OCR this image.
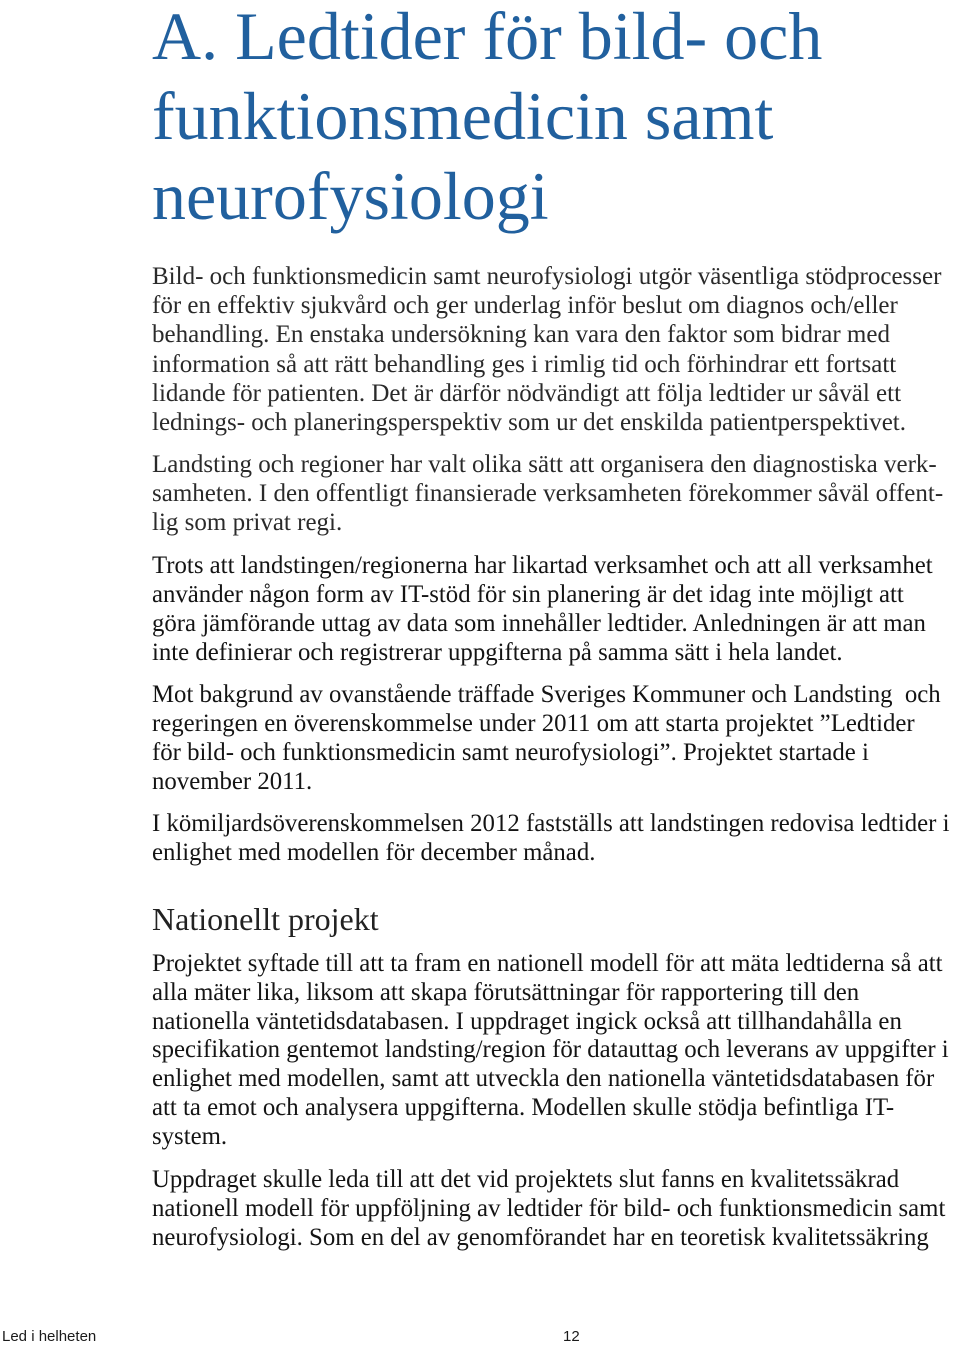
A. Ledtider för bild- och
funktionsmedicin samt
neurofysiologi
Bild- och funktionsmedicin samt neurofysiologi utgör väsentliga stödprocesser
för en effektiv sjukvård och ger underlag inför beslut om diagnos och/eller
behandling. En enstaka undersökning kan vara den faktor som bidrar med
information så att rätt behandling ges i rimlig tid och förhindrar ett fortsatt
lidande för patienten. Det är därför nödvändigt att följa ledtider ur såväl ett
lednings- och planeringsperspektiv som ur det enskilda patientperspektivet.
Landsting och regioner har valt olika sätt att organisera den diagnostiska verk-
samheten. I den offentligt finansierade verksamheten förekommer såväl offent-
lig som privat regi.
Trots att landstingen/regionerna har likartad verksamhet och att all verksamhet
använder någon form av IT-stöd för sin planering är det idag inte möjligt att
göra jämförande uttag av data som innehåller ledtider. Anledningen är att man
inte definierar och registrerar uppgifterna på samma sätt i hela landet.
Mot bakgrund av ovanstående träffade Sveriges Kommuner och Landsting  och
regeringen en överenskommelse under 2011 om att starta projektet ”Ledtider
för bild- och funktionsmedicin samt neurofysiologi”. Projektet startade i
november 2011.
I kömiljardsöverenskommelsen 2012 fastställs att landstingen redovisa ledtider i
enlighet med modellen för december månad.
Nationellt projekt
Projektet syftade till att ta fram en nationell modell för att mäta ledtiderna så att
alla mäter lika, liksom att skapa förutsättningar för rapportering till den
nationella väntetidsdatabasen. I uppdraget ingick också att tillhandahålla en
specifikation gentemot landsting/region för datauttag och leverans av uppgifter i
enlighet med modellen, samt att utveckla den nationella väntetidsdatabasen för
att ta emot och analysera uppgifterna. Modellen skulle stödja befintliga IT-
system.
Uppdraget skulle leda till att det vid projektets slut fanns en kvalitetssäkrad
nationell modell för uppföljning av ledtider för bild- och funktionsmedicin samt
neurofysiologi. Som en del av genomförandet har en teoretisk kvalitetssäkring
Led i helheten	12
